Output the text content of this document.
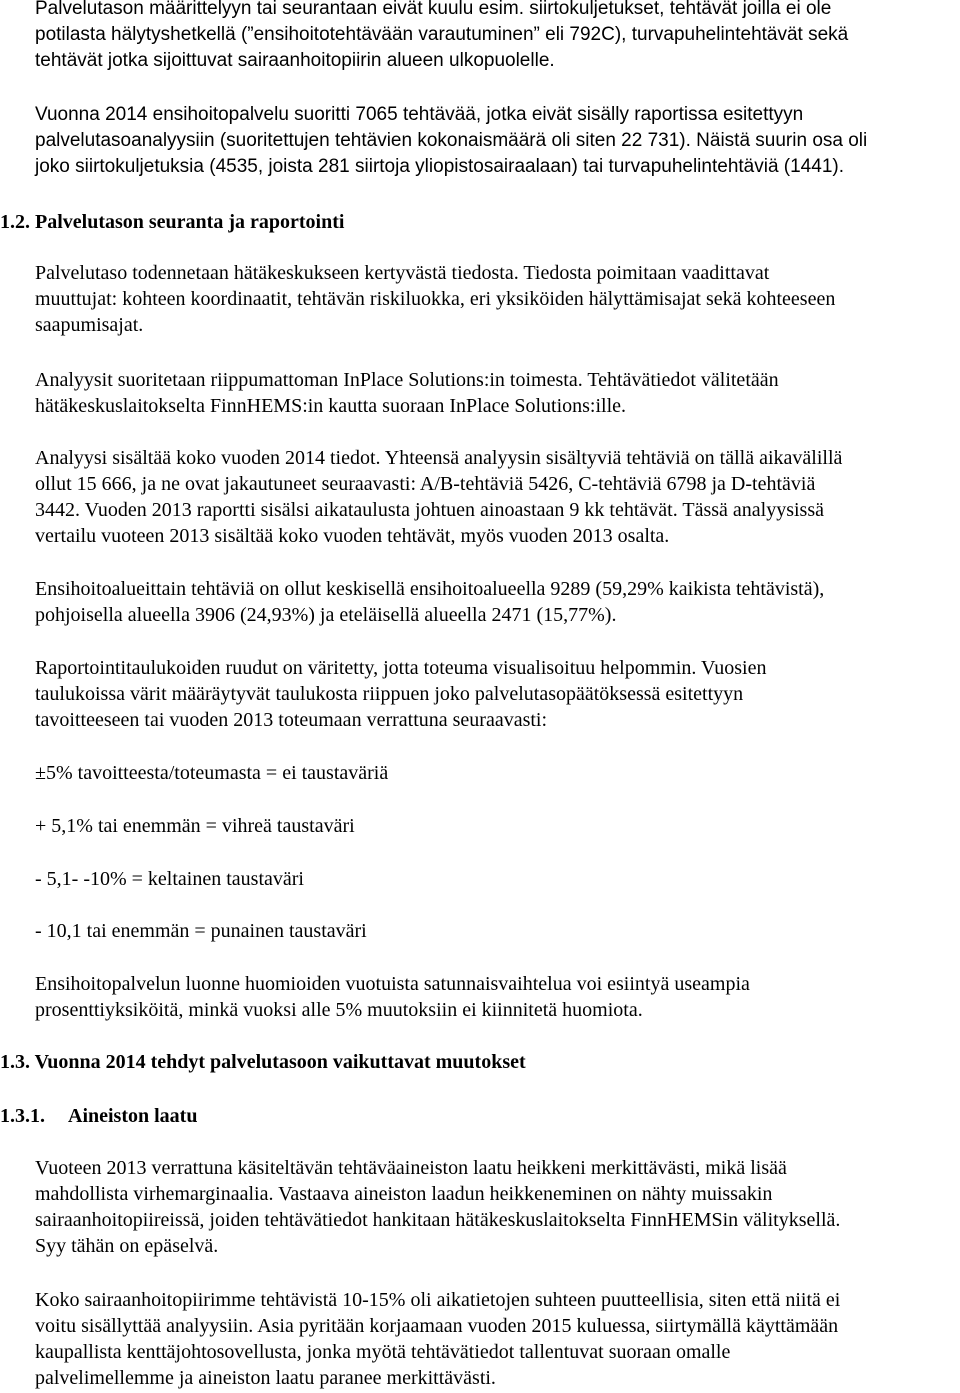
Palvelutason määrittelyyn tai seurantaan eivät kuulu esim. siirtokuljetukset, tehtävät joilla ei ole
potilasta hälytyshetkellä (”ensihoitotehtävään varautuminen” eli 792C), turvapuhelintehtävät sekä
tehtävät jotka sijoittuvat sairaanhoitopiirin alueen ulkopuolelle.
Vuonna 2014 ensihoitopalvelu suoritti 7065 tehtävää, jotka eivät sisälly raportissa esitettyyn
palvelutasoanalyysiin (suoritettujen tehtävien kokonaismäärä oli siten 22 731). Näistä suurin osa oli
joko siirtokuljetuksia (4535, joista 281 siirtoja yliopistosairaalaan) tai turvapuhelintehtäviä (1441).
1.2. Palvelutason seuranta ja raportointi
Palvelutaso todennetaan hätäkeskukseen kertyvästä tiedosta. Tiedosta poimitaan vaadittavat
muuttujat: kohteen koordinaatit, tehtävän riskiluokka, eri yksiköiden hälyttämisajat sekä kohteeseen
saapumisajat.
Analyysit suoritetaan riippumattoman InPlace Solutions:in toimesta. Tehtävätiedot välitetään
hätäkeskuslaitokselta FinnHEMS:in kautta suoraan InPlace Solutions:ille.
Analyysi sisältää koko vuoden 2014 tiedot. Yhteensä analyysin sisältyviä tehtäviä on tällä aikavälillä
ollut 15 666, ja ne ovat jakautuneet seuraavasti: A/B-tehtäviä 5426, C-tehtäviä 6798 ja D-tehtäviä
3442. Vuoden 2013 raportti sisälsi aikataulusta johtuen ainoastaan 9 kk tehtävät. Tässä analyysissä
vertailu vuoteen 2013 sisältää koko vuoden tehtävät, myös vuoden 2013 osalta.
Ensihoitoalueittain tehtäviä on ollut keskisellä ensihoitoalueella 9289 (59,29% kaikista tehtävistä),
pohjoisella alueella 3906 (24,93%) ja eteläisellä alueella 2471 (15,77%).
Raportointitaulukoiden ruudut on väritetty, jotta toteuma visualisoituu helpommin. Vuosien
taulukoissa värit määräytyvät taulukosta riippuen joko palvelutasopäätöksessä esitettyyn
tavoitteeseen tai vuoden 2013 toteumaan verrattuna seuraavasti:
±5% tavoitteesta/toteumasta = ei taustaväriä
+ 5,1% tai enemmän = vihreä taustaväri
- 5,1- -10% = keltainen taustaväri
- 10,1 tai enemmän = punainen taustaväri
Ensihoitopalvelun luonne huomioiden vuotuista satunnaisvaihtelua voi esiintyä useampia
prosenttiyksiköitä, minkä vuoksi alle 5% muutoksiin ei kiinnitetä huomiota.
1.3. Vuonna 2014 tehdyt palvelutasoon vaikuttavat muutokset
1.3.1. Aineiston laatu
Vuoteen 2013 verrattuna käsiteltävän tehtäväaineiston laatu heikkeni merkittävästi, mikä lisää
mahdollista virhemarginaalia. Vastaava aineiston laadun heikkeneminen on nähty muissakin
sairaanhoitopiireissä, joiden tehtävätiedot hankitaan hätäkeskuslaitokselta FinnHEMSin välityksellä.
Syy tähän on epäselvä.
Koko sairaanhoitopiirimme tehtävistä 10-15% oli aikatietojen suhteen puutteellisia, siten että niitä ei
voitu sisällyttää analyysiin. Asia pyritään korjaamaan vuoden 2015 kuluessa, siirtymällä käyttämään
kaupallista kenttäjohtosovellusta, jonka myötä tehtävätiedot tallentuvat suoraan omalle
palvelimellemme ja aineiston laatu paranee merkittävästi.
